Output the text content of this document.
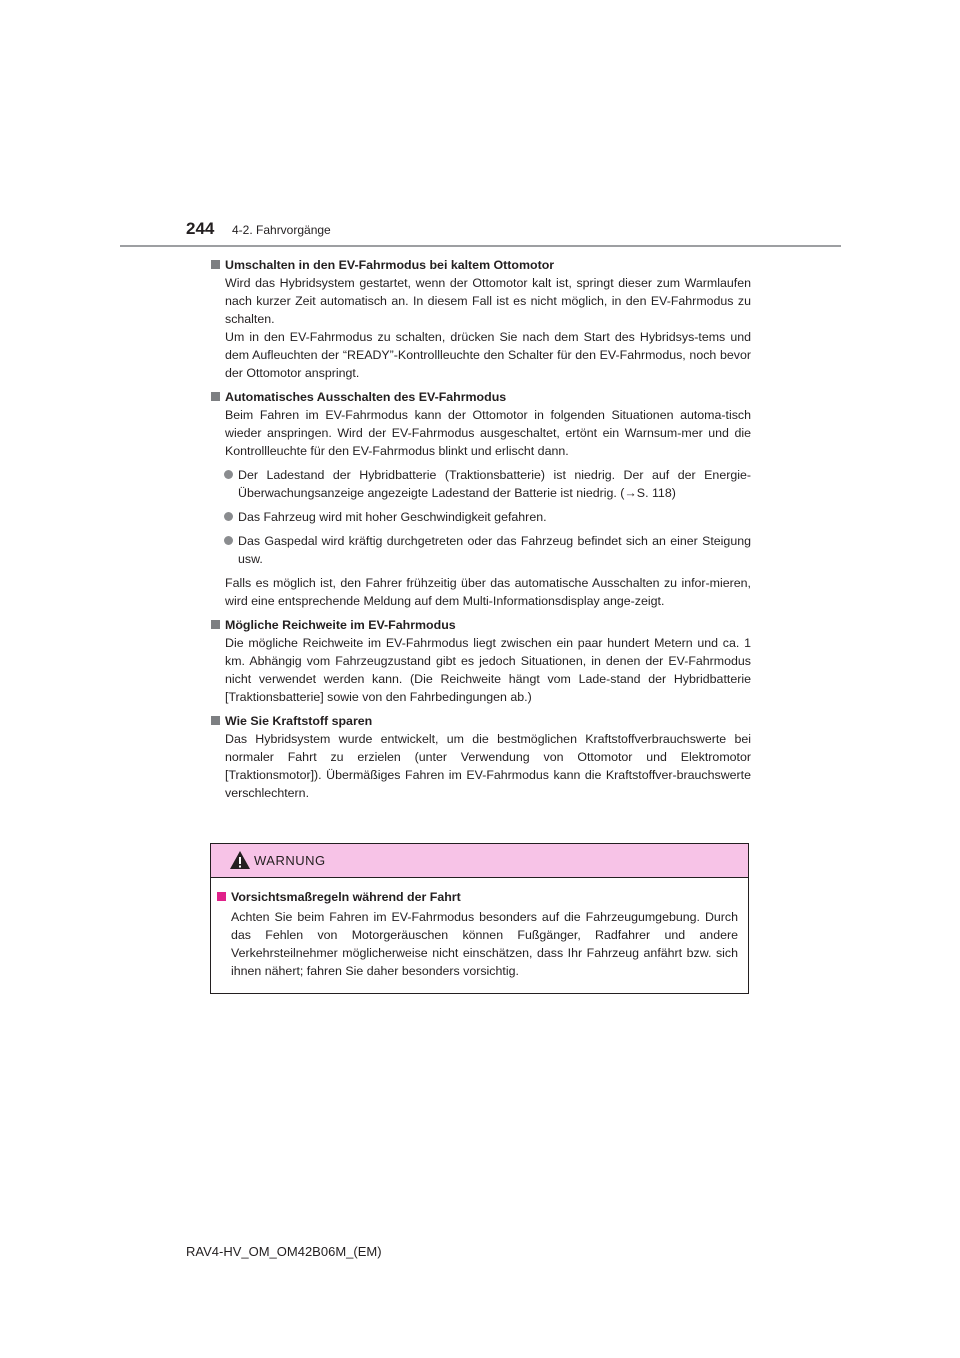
244 4-2. Fahrvorgänge
Umschalten in den EV-Fahrmodus bei kaltem Ottomotor

Wird das Hybridsystem gestartet, wenn der Ottomotor kalt ist, springt dieser zum Warmlaufen nach kurzer Zeit automatisch an. In diesem Fall ist es nicht möglich, in den EV-Fahrmodus zu schalten.

Um in den EV-Fahrmodus zu schalten, drücken Sie nach dem Start des Hybridsys-tems und dem Aufleuchten der “READY”-Kontrollleuchte den Schalter für den EV-Fahrmodus, noch bevor der Ottomotor anspringt.

Automatisches Ausschalten des EV-Fahrmodus

Beim Fahren im EV-Fahrmodus kann der Ottomotor in folgenden Situationen automa-tisch wieder anspringen. Wird der EV-Fahrmodus ausgeschaltet, ertönt ein Warnsum-mer und die Kontrollleuchte für den EV-Fahrmodus blinkt und erlischt dann.

Der Ladestand der Hybridbatterie (Traktionsbatterie) ist niedrig. Der auf der Energie-Überwachungsanzeige angezeigte Ladestand der Batterie ist niedrig. (→S. 118)

Das Fahrzeug wird mit hoher Geschwindigkeit gefahren.

Das Gaspedal wird kräftig durchgetreten oder das Fahrzeug befindet sich an einer Steigung usw.

Falls es möglich ist, den Fahrer frühzeitig über das automatische Ausschalten zu infor-mieren, wird eine entsprechende Meldung auf dem Multi-Informationsdisplay ange-zeigt.

Mögliche Reichweite im EV-Fahrmodus

Die mögliche Reichweite im EV-Fahrmodus liegt zwischen ein paar hundert Metern und ca. 1 km. Abhängig vom Fahrzeugzustand gibt es jedoch Situationen, in denen der EV-Fahrmodus nicht verwendet werden kann. (Die Reichweite hängt vom Lade-stand der Hybridbatterie [Traktionsbatterie] sowie von den Fahrbedingungen ab.)

Wie Sie Kraftstoff sparen

Das Hybridsystem wurde entwickelt, um die bestmöglichen Kraftstoffverbrauchswerte bei normaler Fahrt zu erzielen (unter Verwendung von Ottomotor und Elektromotor [Traktionsmotor]). Übermäßiges Fahren im EV-Fahrmodus kann die Kraftstoffver-brauchswerte verschlechtern.

WARNUNG
Vorsichtsmaßregeln während der Fahrt

Achten Sie beim Fahren im EV-Fahrmodus besonders auf die Fahrzeugumgebung. Durch das Fehlen von Motorgeräuschen können Fußgänger, Radfahrer und andere Verkehrsteilnehmer möglicherweise nicht einschätzen, dass Ihr Fahrzeug anfährt bzw. sich ihnen nähert; fahren Sie daher besonders vorsichtig.

RAV4-HV_OM_OM42B06M_(EM)
